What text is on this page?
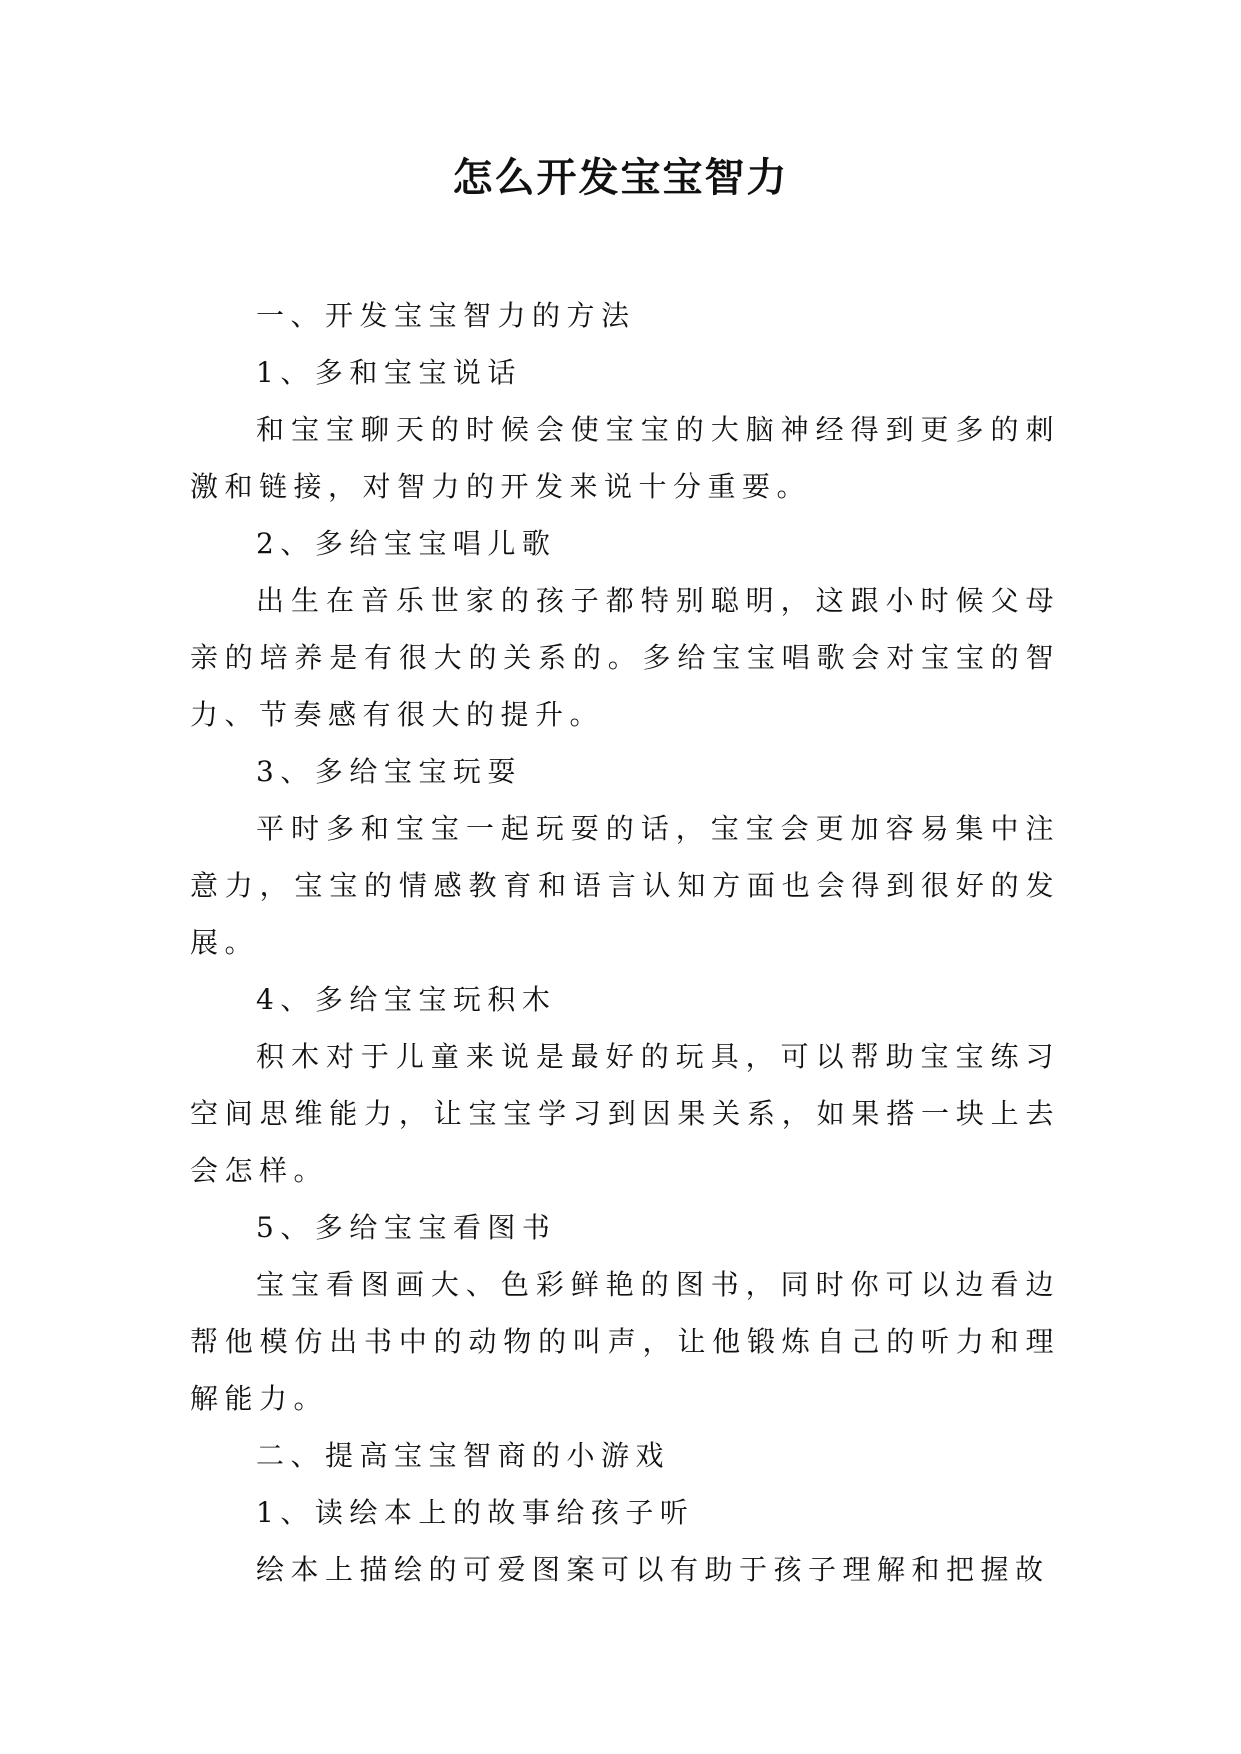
怎么开发宝宝智力

一、开发宝宝智力的方法

1、多和宝宝说话

和宝宝聊天的时候会使宝宝的大脑神经得到更多的刺激和链接，对智力的开发来说十分重要。

2、多给宝宝唱儿歌

出生在音乐世家的孩子都特别聪明，这跟小时候父母亲的培养是有很大的关系的。多给宝宝唱歌会对宝宝的智力、节奏感有很大的提升。

3、多给宝宝玩耍

平时多和宝宝一起玩耍的话，宝宝会更加容易集中注意力，宝宝的情感教育和语言认知方面也会得到很好的发展。

4、多给宝宝玩积木

积木对于儿童来说是最好的玩具，可以帮助宝宝练习空间思维能力，让宝宝学习到因果关系，如果搭一块上去会怎样。

5、多给宝宝看图书

宝宝看图画大、色彩鲜艳的图书，同时你可以边看边帮他模仿出书中的动物的叫声，让他锻炼自己的听力和理解能力。

二、提高宝宝智商的小游戏

1、读绘本上的故事给孩子听

绘本上描绘的可爱图案可以有助于孩子理解和把握故
